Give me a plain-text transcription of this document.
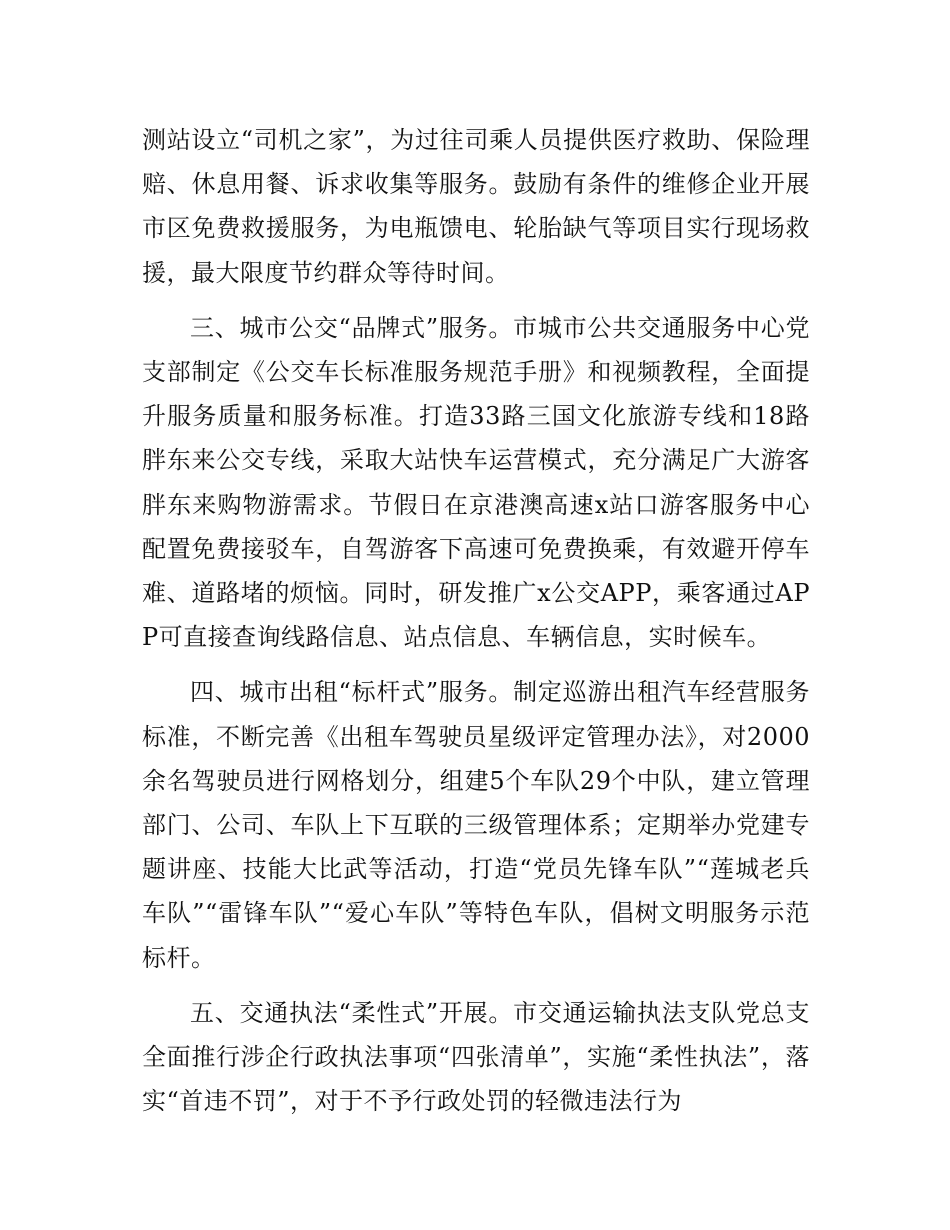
测站设立“司机之家”，为过往司乘人员提供医疗救助、保险理赔、休息用餐、诉求收集等服务。鼓励有条件的维修企业开展市区免费救援服务，为电瓶馈电、轮胎缺气等项目实行现场救援，最大限度节约群众等待时间。

三、城市公交“品牌式”服务。市城市公共交通服务中心党支部制定《公交车长标准服务规范手册》和视频教程，全面提升服务质量和服务标准。打造33路三国文化旅游专线和18路胖东来公交专线，采取大站快车运营模式，充分满足广大游客胖东来购物游需求。节假日在京港澳高速x站口游客服务中心配置免费接驳车，自驾游客下高速可免费换乘，有效避开停车难、道路堵的烦恼。同时，研发推广x公交APP，乘客通过APP可直接查询线路信息、站点信息、车辆信息，实时候车。

四、城市出租“标杆式”服务。制定巡游出租汽车经营服务标准，不断完善《出租车驾驶员星级评定管理办法》，对2000余名驾驶员进行网格划分，组建5个车队29个中队，建立管理部门、公司、车队上下互联的三级管理体系；定期举办党建专题讲座、技能大比武等活动，打造“党员先锋车队”“莲城老兵车队”“雷锋车队”“爱心车队”等特色车队，倡树文明服务示范标杆。

五、交通执法“柔性式”开展。市交通运输执法支队党总支全面推行涉企行政执法事项“四张清单”，实施“柔性执法”，落实“首违不罚”，对于不予行政处罚的轻微违法行为
